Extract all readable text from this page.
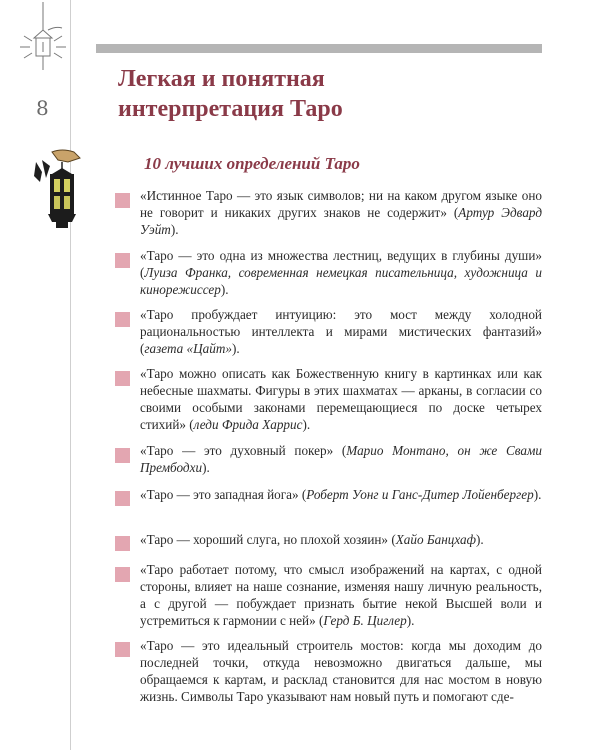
8
Легкая и понятная
интерпретация Таро
10 лучших определений Таро

«Истинное Таро — это язык символов; ни на каком другом языке оно не говорит и никаких других знаков не содержит» (Артур Эдвард Уэйт).

«Таро — это одна из множества лестниц, ведущих в глубины души» (Луиза Франка, современная немецкая писательница, художница и кинорежиссер).

«Таро пробуждает интуицию: это мост между холодной рациональностью интеллекта и мирами мистических фантазий» (газета «Цайт»).

«Таро можно описать как Божественную книгу в картинках или как небесные шахматы. Фигуры в этих шахматах — арканы, в согласии со своими особыми законами перемещающиеся по доске четырех стихий» (леди Фрида Харрис).

«Таро — это духовный покер» (Марио Монтано, он же Свами Прембодхи).

«Таро — это западная йога» (Роберт Уонг и Ганс-Дитер Лойенбергер).

«Таро — хороший слуга, но плохой хозяин» (Хайо Банцхаф).

«Таро работает потому, что смысл изображений на картах, с одной стороны, влияет на наше сознание, изменяя нашу личную реальность, а с другой — побуждает признать бытие некой Высшей воли и устремиться к гармонии с ней» (Герд Б. Циглер).

«Таро — это идеальный строитель мостов: когда мы доходим до последней точки, откуда невозможно двигаться дальше, мы обращаемся к картам, и расклад становится для нас мостом в новую жизнь. Символы Таро указывают нам новый путь и помогают сде-
